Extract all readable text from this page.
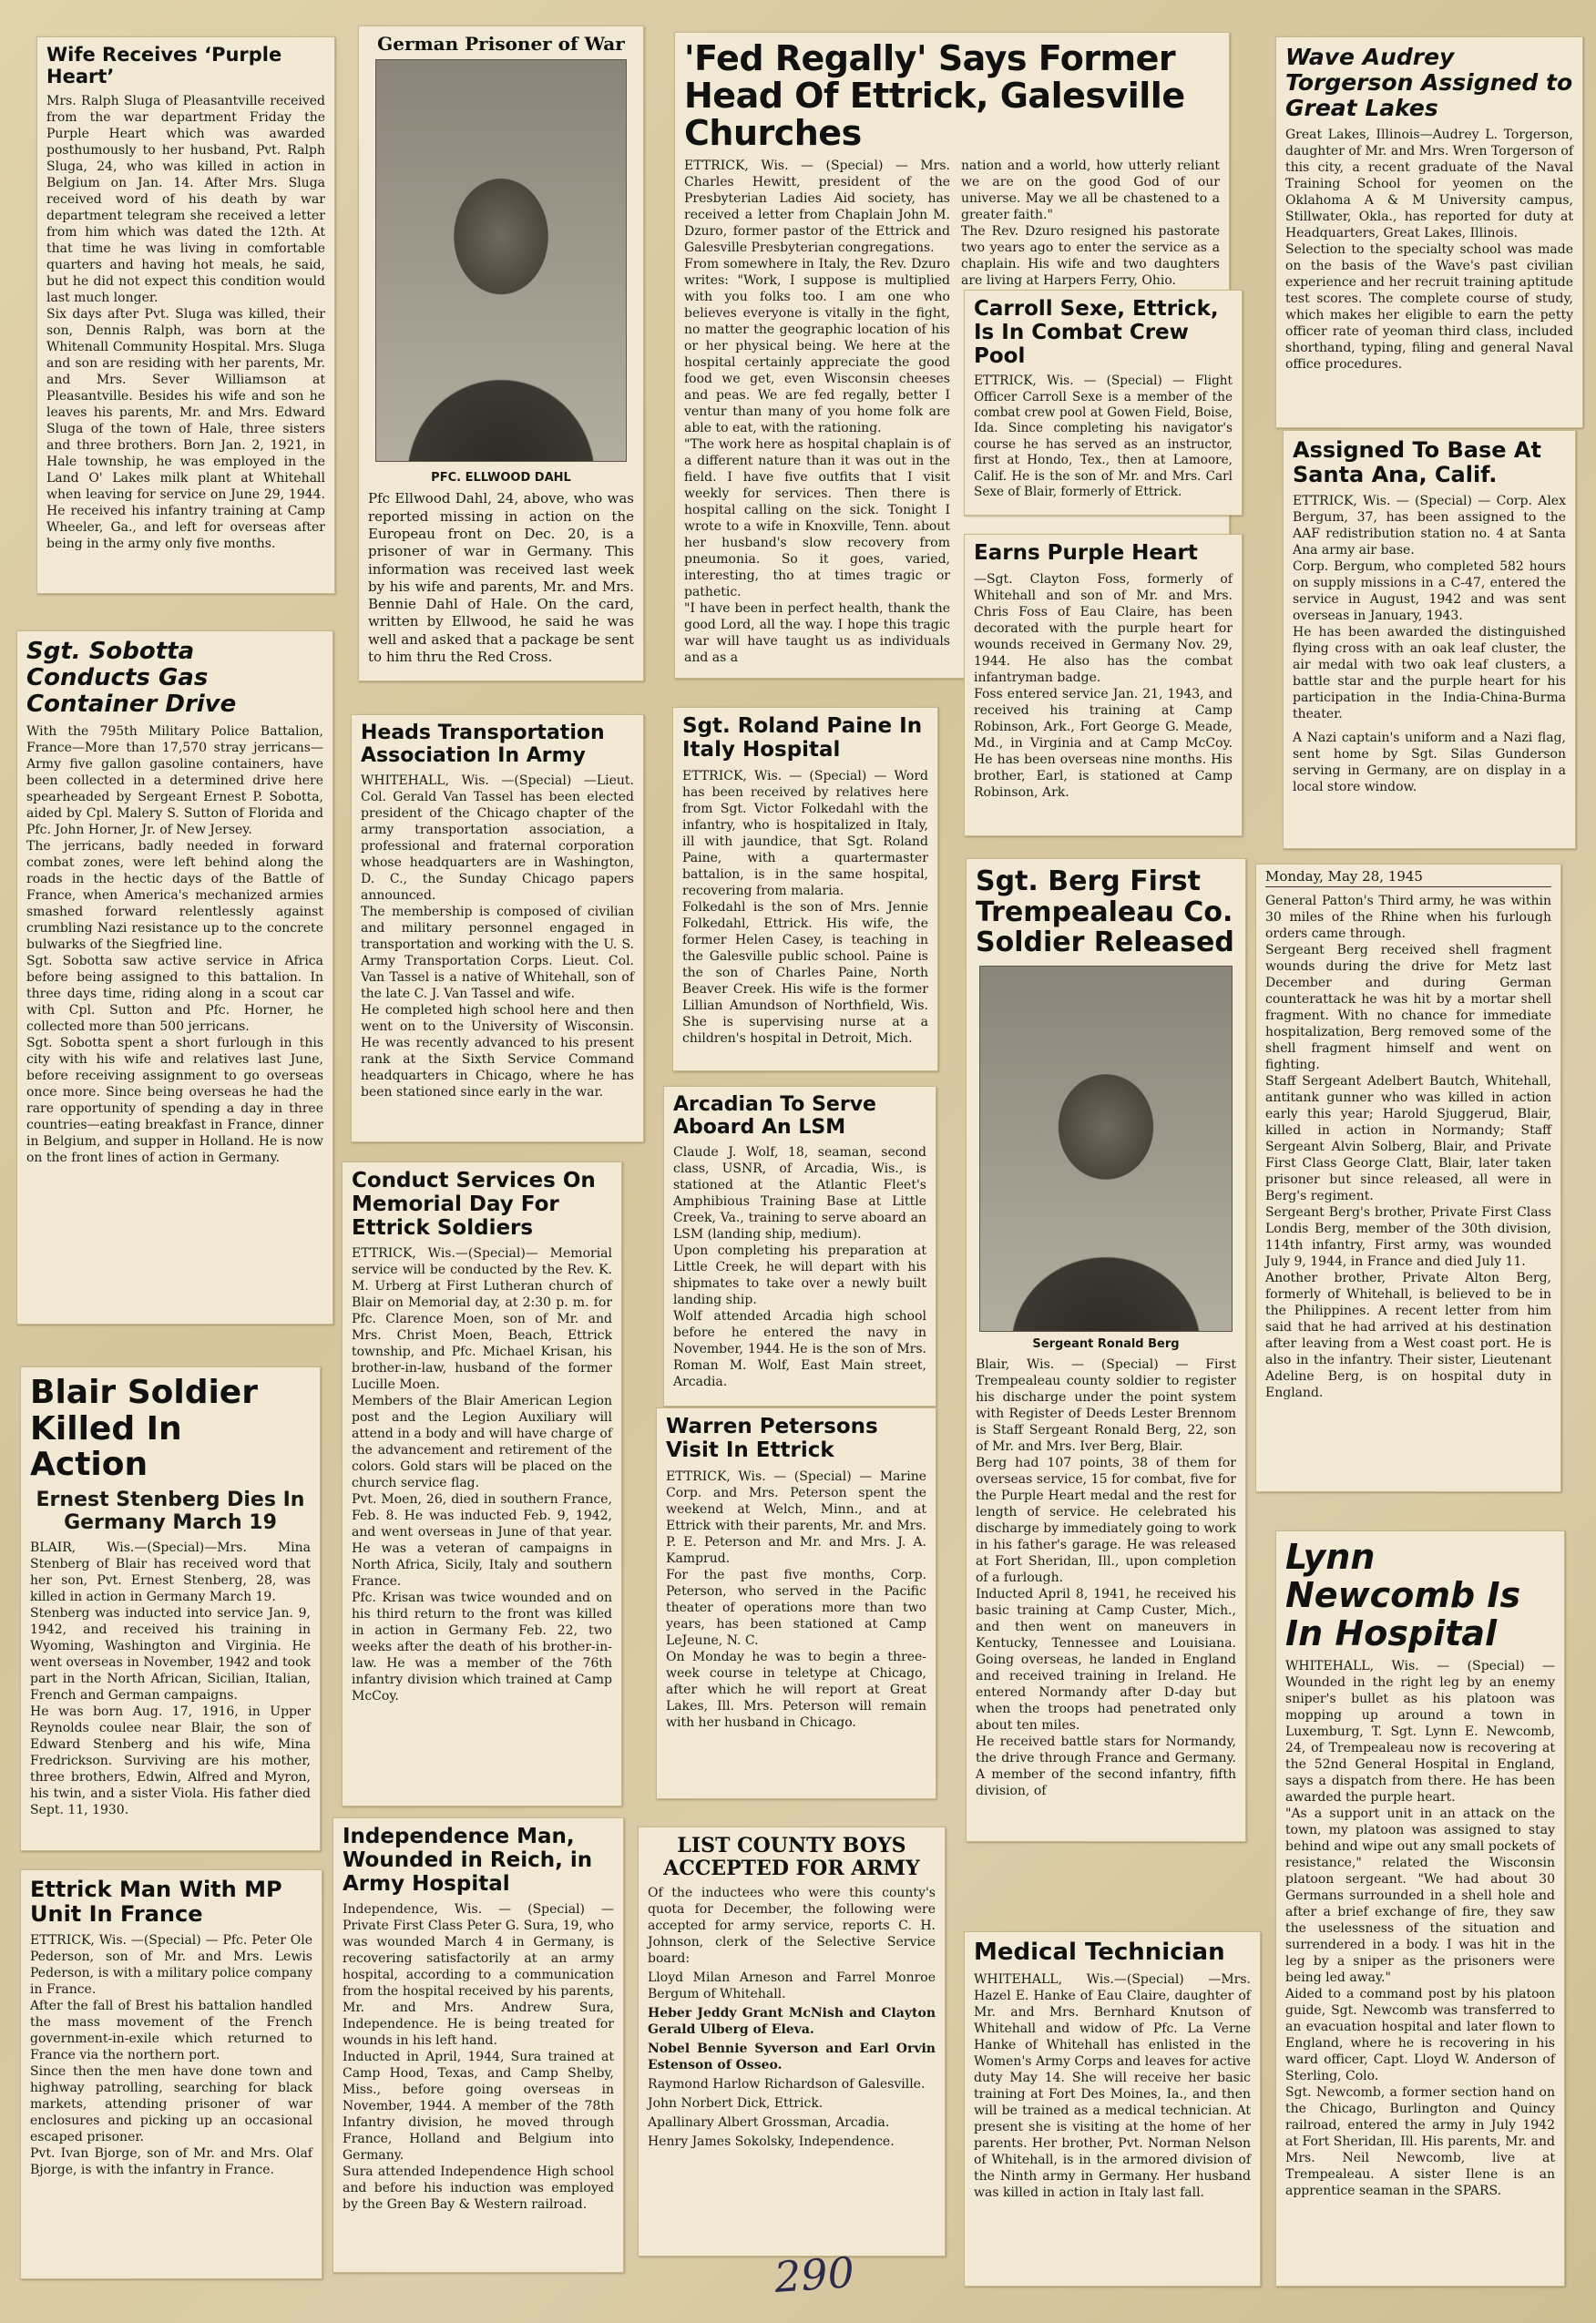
Wife Receives ‘Purple Heart’

Mrs. Ralph Sluga of Pleasantville received from the war department Friday the Purple Heart which was awarded posthumously to her husband, Pvt. Ralph Sluga, 24, who was killed in action in Belgium on Jan. 14. After Mrs. Sluga received word of his death by war department telegram she received a letter from him which was dated the 12th. At that time he was living in comfortable quarters and having hot meals, he said, but he did not expect this condition would last much longer.
Six days after Pvt. Sluga was killed, their son, Dennis Ralph, was born at the Whitenall Community Hospital. Mrs. Sluga and son are residing with her parents, Mr. and Mrs. Sever Williamson at Pleasantville. Besides his wife and son he leaves his parents, Mr. and Mrs. Edward Sluga of the town of Hale, three sisters and three brothers. Born Jan. 2, 1921, in Hale township, he was employed in the Land O' Lakes milk plant at Whitehall when leaving for service on June 29, 1944. He received his infantry training at Camp Wheeler, Ga., and left for overseas after being in the army only five months.

German Prisoner of War
PFC. ELLWOOD DAHL

Pfc Ellwood Dahl, 24, above, who was reported missing in action on the Europeau front on Dec. 20, is a prisoner of war in Germany. This information was received last week by his wife and parents, Mr. and Mrs. Bennie Dahl of Hale. On the card, written by Ellwood, he said he was well and asked that a package be sent to him thru the Red Cross.

'Fed Regally' Says Former Head Of Ettrick, Galesville Churches

ETTRICK, Wis. — (Special) — Mrs. Charles Hewitt, president of the Presbyterian Ladies Aid society, has received a letter from Chaplain John M. Dzuro, former pastor of the Ettrick and Galesville Presbyterian congregations.
From somewhere in Italy, the Rev. Dzuro writes: "Work, I suppose is multiplied with you folks too. I am one who believes everyone is vitally in the fight, no matter the geographic location of his or her physical being. We here at the hospital certainly appreciate the good food we get, even Wisconsin cheeses and peas. We are fed regally, better I ventur than many of you home folk are able to eat, with the rationing.
"The work here as hospital chaplain is of a different nature than it was out in the field. I have five outfits that I visit weekly for services. Then there is hospital calling on the sick. Tonight I wrote to a wife in Knoxville, Tenn. about her husband's slow recovery from pneumonia. So it goes, varied, interesting, tho at times tragic or pathetic.
"I have been in perfect health, thank the good Lord, all the way. I hope this tragic war will have taught us as individuals and as a

nation and a world, how utterly reliant we are on the good God of our universe. May we all be chastened to a greater faith."
The Rev. Dzuro resigned his pastorate two years ago to enter the service as a chaplain. His wife and two daughters are living at Harpers Ferry, Ohio.

Carroll Sexe, Ettrick, Is In Combat Crew Pool

ETTRICK, Wis. — (Special) — Flight Officer Carroll Sexe is a member of the combat crew pool at Gowen Field, Boise, Ida. Since completing his navigator's course he has served as an instructor, first at Hondo, Tex., then at Lamoore, Calif. He is the son of Mr. and Mrs. Carl Sexe of Blair, formerly of Ettrick.

Earns Purple Heart

—Sgt. Clayton Foss, formerly of Whitehall and son of Mr. and Mrs. Chris Foss of Eau Claire, has been decorated with the purple heart for wounds received in Germany Nov. 29, 1944. He also has the combat infantryman badge.
Foss entered service Jan. 21, 1943, and received his training at Camp Robinson, Ark., Fort George G. Meade, Md., in Virginia and at Camp McCoy. He has been overseas nine months. His brother, Earl, is stationed at Camp Robinson, Ark.

Wave Audrey Torgerson Assigned to Great Lakes

Great Lakes, Illinois—Audrey L. Torgerson, daughter of Mr. and Mrs. Wren Torgerson of this city, a recent graduate of the Naval Training School for yeomen on the Oklahoma A & M University campus, Stillwater, Okla., has reported for duty at Headquarters, Great Lakes, Illinois.
Selection to the specialty school was made on the basis of the Wave's past civilian experience and her recruit training aptitude test scores. The complete course of study, which makes her eligible to earn the petty officer rate of yeoman third class, included shorthand, typing, filing and general Naval office procedures.

Assigned To Base At Santa Ana, Calif.

ETTRICK, Wis. — (Special) — Corp. Alex Bergum, 37, has been assigned to the AAF redistribution station no. 4 at Santa Ana army air base.
Corp. Bergum, who completed 582 hours on supply missions in a C-47, entered the service in August, 1942 and was sent overseas in January, 1943.
He has been awarded the distinguished flying cross with an oak leaf cluster, the air medal with two oak leaf clusters, a battle star and the purple heart for his participation in the India-China-Burma theater.

A Nazi captain's uniform and a Nazi flag, sent home by Sgt. Silas Gunderson serving in Germany, are on display in a local store window.

Sgt. Sobotta Conducts Gas Container Drive

With the 795th Military Police Battalion, France—More than 17,570 stray jerricans—Army five gallon gasoline containers, have been collected in a determined drive here spearheaded by Sergeant Ernest P. Sobotta, aided by Cpl. Malery S. Sutton of Florida and Pfc. John Horner, Jr. of New Jersey.
The jerricans, badly needed in forward combat zones, were left behind along the roads in the hectic days of the Battle of France, when America's mechanized armies smashed forward relentlessly against crumbling Nazi resistance up to the concrete bulwarks of the Siegfried line.
Sgt. Sobotta saw active service in Africa before being assigned to this battalion. In three days time, riding along in a scout car with Cpl. Sutton and Pfc. Horner, he collected more than 500 jerricans.
Sgt. Sobotta spent a short furlough in this city with his wife and relatives last June, before receiving assignment to go overseas once more. Since being overseas he had the rare opportunity of spending a day in three countries—eating breakfast in France, dinner in Belgium, and supper in Holland. He is now on the front lines of action in Germany.

Heads Transportation Association In Army

WHITEHALL, Wis. —(Special) —Lieut. Col. Gerald Van Tassel has been elected president of the Chicago chapter of the army transportation association, a professional and fraternal corporation whose headquarters are in Washington, D. C., the Sunday Chicago papers announced.
The membership is composed of civilian and military personnel engaged in transportation and working with the U. S. Army Transportation Corps. Lieut. Col. Van Tassel is a native of Whitehall, son of the late C. J. Van Tassel and wife.
He completed high school here and then went on to the University of Wisconsin. He was recently advanced to his present rank at the Sixth Service Command headquarters in Chicago, where he has been stationed since early in the war.

Sgt. Roland Paine In Italy Hospital

ETTRICK, Wis. — (Special) — Word has been received by relatives here from Sgt. Victor Folkedahl with the infantry, who is hospitalized in Italy, ill with jaundice, that Sgt. Roland Paine, with a quartermaster battalion, is in the same hospital, recovering from malaria.
Folkedahl is the son of Mrs. Jennie Folkedahl, Ettrick. His wife, the former Helen Casey, is teaching in the Galesville public school. Paine is the son of Charles Paine, North Beaver Creek. His wife is the former Lillian Amundson of Northfield, Wis. She is supervising nurse at a children's hospital in Detroit, Mich.

Conduct Services On Memorial Day For Ettrick Soldiers

ETTRICK, Wis.—(Special)— Memorial service will be conducted by the Rev. K. M. Urberg at First Lutheran church of Blair on Memorial day, at 2:30 p. m. for Pfc. Clarence Moen, son of Mr. and Mrs. Christ Moen, Beach, Ettrick township, and Pfc. Michael Krisan, his brother-in-law, husband of the former Lucille Moen.
Members of the Blair American Legion post and the Legion Auxiliary will attend in a body and will have charge of the advancement and retirement of the colors. Gold stars will be placed on the church service flag.
Pvt. Moen, 26, died in southern France, Feb. 8. He was inducted Feb. 9, 1942, and went overseas in June of that year. He was a veteran of campaigns in North Africa, Sicily, Italy and southern France.
Pfc. Krisan was twice wounded and on his third return to the front was killed in action in Germany Feb. 22, two weeks after the death of his brother-in-law. He was a member of the 76th infantry division which trained at Camp McCoy.

Arcadian To Serve Aboard An LSM

Claude J. Wolf, 18, seaman, second class, USNR, of Arcadia, Wis., is stationed at the Atlantic Fleet's Amphibious Training Base at Little Creek, Va., training to serve aboard an LSM (landing ship, medium).
Upon completing his preparation at Little Creek, he will depart with his shipmates to take over a newly built landing ship.
Wolf attended Arcadia high school before he entered the navy in November, 1944. He is the son of Mrs. Roman M. Wolf, East Main street, Arcadia.

Warren Petersons Visit In Ettrick

ETTRICK, Wis. — (Special) — Marine Corp. and Mrs. Peterson spent the weekend at Welch, Minn., and at Ettrick with their parents, Mr. and Mrs. P. E. Peterson and Mr. and Mrs. J. A. Kamprud.
For the past five months, Corp. Peterson, who served in the Pacific theater of operations more than two years, has been stationed at Camp LeJeune, N. C.
On Monday he was to begin a three-week course in teletype at Chicago, after which he will report at Great Lakes, Ill. Mrs. Peterson will remain with her husband in Chicago.

Sgt. Berg First Trempealeau Co. Soldier Released
Sergeant Ronald Berg

Blair, Wis. — (Special) — First Trempealeau county soldier to register his discharge under the point system with Register of Deeds Lester Brennom is Staff Sergeant Ronald Berg, 22, son of Mr. and Mrs. Iver Berg, Blair.
Berg had 107 points, 38 of them for overseas service, 15 for combat, five for the Purple Heart medal and the rest for length of service. He celebrated his discharge by immediately going to work in his father's garage. He was released at Fort Sheridan, Ill., upon completion of a furlough.
Inducted April 8, 1941, he received his basic training at Camp Custer, Mich., and then went on maneuvers in Kentucky, Tennessee and Louisiana. Going overseas, he landed in England and received training in Ireland. He entered Normandy after D-day but when the troops had penetrated only about ten miles.
He received battle stars for Normandy, the drive through France and Germany. A member of the second infantry, fifth division, of

Monday, May 28, 1945

General Patton's Third army, he was within 30 miles of the Rhine when his furlough orders came through.
Sergeant Berg received shell fragment wounds during the drive for Metz last December and during German counterattack he was hit by a mortar shell fragment. With no chance for immediate hospitalization, Berg removed some of the shell fragment himself and went on fighting.
Staff Sergeant Adelbert Bautch, Whitehall, antitank gunner who was killed in action early this year; Harold Sjuggerud, Blair, killed in action in Normandy; Staff Sergeant Alvin Solberg, Blair, and Private First Class George Clatt, Blair, later taken prisoner but since released, all were in Berg's regiment.
Sergeant Berg's brother, Private First Class Londis Berg, member of the 30th division, 114th infantry, First army, was wounded July 9, 1944, in France and died July 11.
Another brother, Private Alton Berg, formerly of Whitehall, is believed to be in the Philippines. A recent letter from him said that he had arrived at his destination after leaving from a West coast port. He is also in the infantry. Their sister, Lieutenant Adeline Berg, is on hospital duty in England.

Blair Soldier Killed In Action
Ernest Stenberg Dies In Germany March 19

BLAIR, Wis.—(Special)—Mrs. Mina Stenberg of Blair has received word that her son, Pvt. Ernest Stenberg, 28, was killed in action in Germany March 19.
Stenberg was inducted into service Jan. 9, 1942, and received his training in Wyoming, Washington and Virginia. He went overseas in November, 1942 and took part in the North African, Sicilian, Italian, French and German campaigns.
He was born Aug. 17, 1916, in Upper Reynolds coulee near Blair, the son of Edward Stenberg and his wife, Mina Fredrickson. Surviving are his mother, three brothers, Edwin, Alfred and Myron, his twin, and a sister Viola. His father died Sept. 11, 1930.

Lynn Newcomb Is In Hospital

WHITEHALL, Wis. — (Special) —Wounded in the right leg by an enemy sniper's bullet as his platoon was mopping up around a town in Luxemburg, T. Sgt. Lynn E. Newcomb, 24, of Trempealeau now is recovering at the 52nd General Hospital in England, says a dispatch from there. He has been awarded the purple heart.
"As a support unit in an attack on the town, my platoon was assigned to stay behind and wipe out any small pockets of resistance," related the Wisconsin platoon sergeant. "We had about 30 Germans surrounded in a shell hole and after a brief exchange of fire, they saw the uselessness of the situation and surrendered in a body. I was hit in the leg by a sniper as the prisoners were being led away."
Aided to a command post by his platoon guide, Sgt. Newcomb was transferred to an evacuation hospital and later flown to England, where he is recovering in his ward officer, Capt. Lloyd W. Anderson of Sterling, Colo.
Sgt. Newcomb, a former section hand on the Chicago, Burlington and Quincy railroad, entered the army in July 1942 at Fort Sheridan, Ill. His parents, Mr. and Mrs. Neil Newcomb, live at Trempealeau. A sister Ilene is an apprentice seaman in the SPARS.

Ettrick Man With MP Unit In France

ETTRICK, Wis. —(Special) — Pfc. Peter Ole Pederson, son of Mr. and Mrs. Lewis Pederson, is with a military police company in France.
After the fall of Brest his battalion handled the mass movement of the French government-in-exile which returned to France via the northern port.
Since then the men have done town and highway patrolling, searching for black markets, attending prisoner of war enclosures and picking up an occasional escaped prisoner.
Pvt. Ivan Bjorge, son of Mr. and Mrs. Olaf Bjorge, is with the infantry in France.

Independence Man, Wounded in Reich, in Army Hospital

Independence, Wis. — (Special) — Private First Class Peter G. Sura, 19, who was wounded March 4 in Germany, is recovering satisfactorily at an army hospital, according to a communication from the hospital received by his parents, Mr. and Mrs. Andrew Sura, Independence. He is being treated for wounds in his left hand.
Inducted in April, 1944, Sura trained at Camp Hood, Texas, and Camp Shelby, Miss., before going overseas in November, 1944. A member of the 78th Infantry division, he moved through France, Holland and Belgium into Germany.
Sura attended Independence High school and before his induction was employed by the Green Bay & Western railroad.

LIST COUNTY BOYS ACCEPTED FOR ARMY

Of the inductees who were this county's quota for December, the following were accepted for army service, reports C. H. Johnson, clerk of the Selective Service board:

Lloyd Milan Arneson and Farrel Monroe Bergum of Whitehall.

Heber Jeddy Grant McNish and Clayton Gerald Ulberg of Eleva.

Nobel Bennie Syverson and Earl Orvin Estenson of Osseo.

Raymond Harlow Richardson of Galesville.

John Norbert Dick, Ettrick.

Apallinary Albert Grossman, Arcadia.

Henry James Sokolsky, Independence.

Medical Technician

WHITEHALL, Wis.—(Special) —Mrs. Hazel E. Hanke of Eau Claire, daughter of Mr. and Mrs. Bernhard Knutson of Whitehall and widow of Pfc. La Verne Hanke of Whitehall has enlisted in the Women's Army Corps and leaves for active duty May 14. She will receive her basic training at Fort Des Moines, Ia., and then will be trained as a medical technician. At present she is visiting at the home of her parents. Her brother, Pvt. Norman Nelson of Whitehall, is in the armored division of the Ninth army in Germany. Her husband was killed in action in Italy last fall.

290
